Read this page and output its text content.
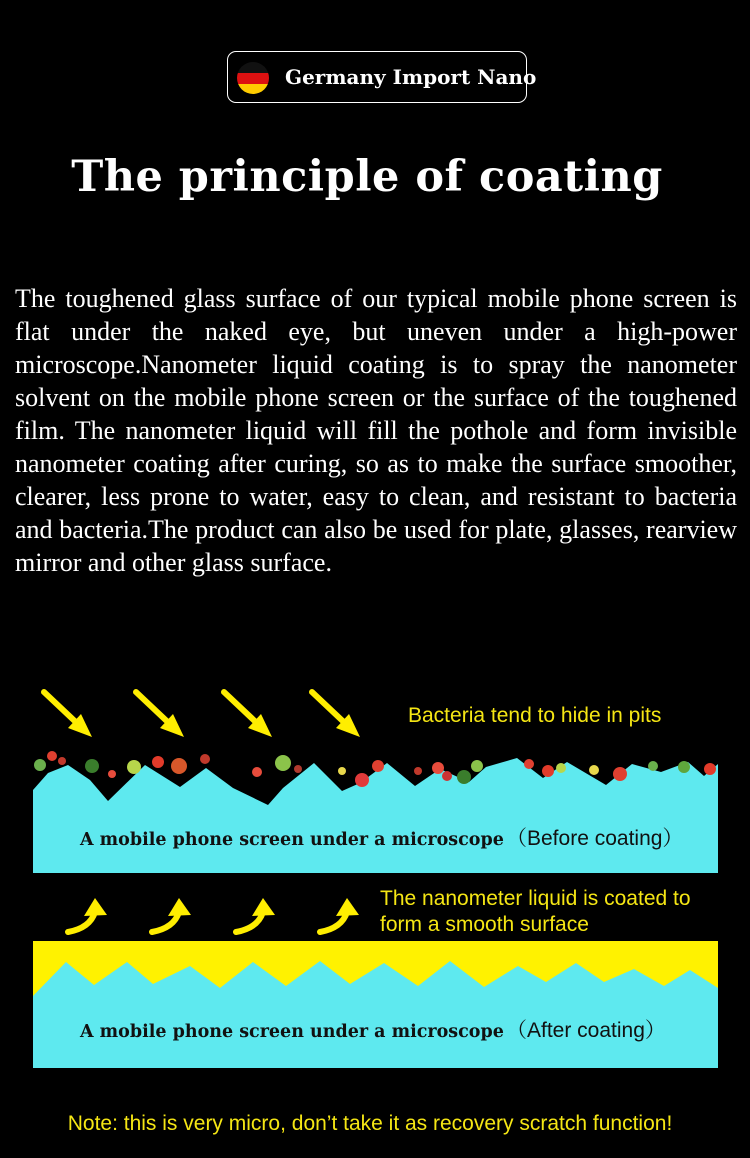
Germany Import Nano
The principle of coating
The toughened glass surface of our typical mobile phone screen is flat under the naked eye, but uneven under a high-power microscope.Nanometer liquid coating is to spray the nanometer solvent on the mobile phone screen or the surface of the toughened film. The nanometer liquid will fill the pothole and form invisible nanometer coating after curing, so as to make the surface smoother, clearer, less prone to water, easy to clean, and resistant to bacteria and bacteria.The product can also be used for plate, glasses, rearview mirror and other glass surface.
Bacteria tend to hide in pits
A mobile phone screen under a microscope （Before coating）
The nanometer liquid is coated to
form a smooth surface
A mobile phone screen under a microscope （After coating）
Note: this is very micro, don’t take it as recovery scratch function!
